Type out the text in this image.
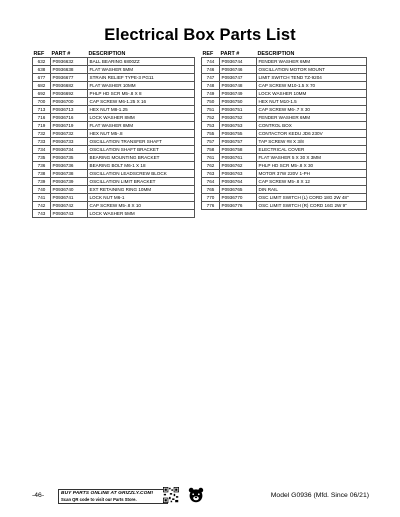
Electrical Box Parts List
REF	PART #	DESCRIPTION
632	P0936632	BALL BEARING 6800ZZ
638	P0936638	FLAT WASHER 5MM
677	P0936677	STRAIN RELIEF TYPE-3 PG11
682	P0936682	FLAT WASHER 10MM
692	P0936692	PHLP HD SCR M5-.8 X 8
700	P0936700	CAP SCREW M6-1.25 X 16
713	P0936713	HEX NUT M8-1.25
716	P0936716	LOCK WASHER 8MM
719	P0936719	FLAT WASHER 8MM
732	P0936732	HEX NUT M5-.8
733	P0936733	OSCILLATION TRANSFER SHAFT
734	P0936734	OSCILLATION SHAFT BRACKET
735	P0936735	BEARING MOUNTING BRACKET
736	P0936736	BEARING BOLT M6-1 X 18
738	P0936738	OSCILLATION LEADSCREW BLOCK
739	P0936739	OSCILLATION LIMIT BRACKET
740	P0936740	EXT RETAINING RING 10MM
741	P0936741	LOCK NUT M6-1
742	P0936742	CAP SCREW M5-.8 X 10
743	P0936743	LOCK WASHER 5MM
REF	PART #	DESCRIPTION
744	P0936744	FENDER WASHER 6MM
746	P0936746	OSCILLATION MOTOR MOUNT
747	P0936747	LIMIT SWITCH TEND TZ-9204
748	P0936748	CAP SCREW M10-1.5 X 70
749	P0936749	LOCK WASHER 10MM
750	P0936750	HEX NUT M10-1.5
751	P0936751	CAP SCREW M6-.7 X 30
752	P0936752	FENDER WASHER 6MM
753	P0936753	CONTROL BOX
755	P0936755	CONTACTOR KEDU JD6 230V
757	P0936757	TAP SCREW #8 X 3/8
758	P0936758	ELECTRICAL COVER
761	P0936761	FLAT WASHER 5 X 30 X 3MM
762	P0936762	PHLP HD SCR M5-.8 X 30
763	P0936763	MOTOR 37W 220V 1-PH
764	P0936764	CAP SCREW M5-.8 X 12
765	P0936765	DIN RAIL
770	P0936770	OSC LIMIT SWITCH (L) CORD 18G 2W 48"
776	P0936776	OSC LIMIT SWITCH (R) CORD 16G 2W 9"
-46-	BUY PARTS ONLINE AT GRIZZLY.COM!
Scan QR code to visit our Parts Store.
Model G0936 (Mfd. Since 06/21)
